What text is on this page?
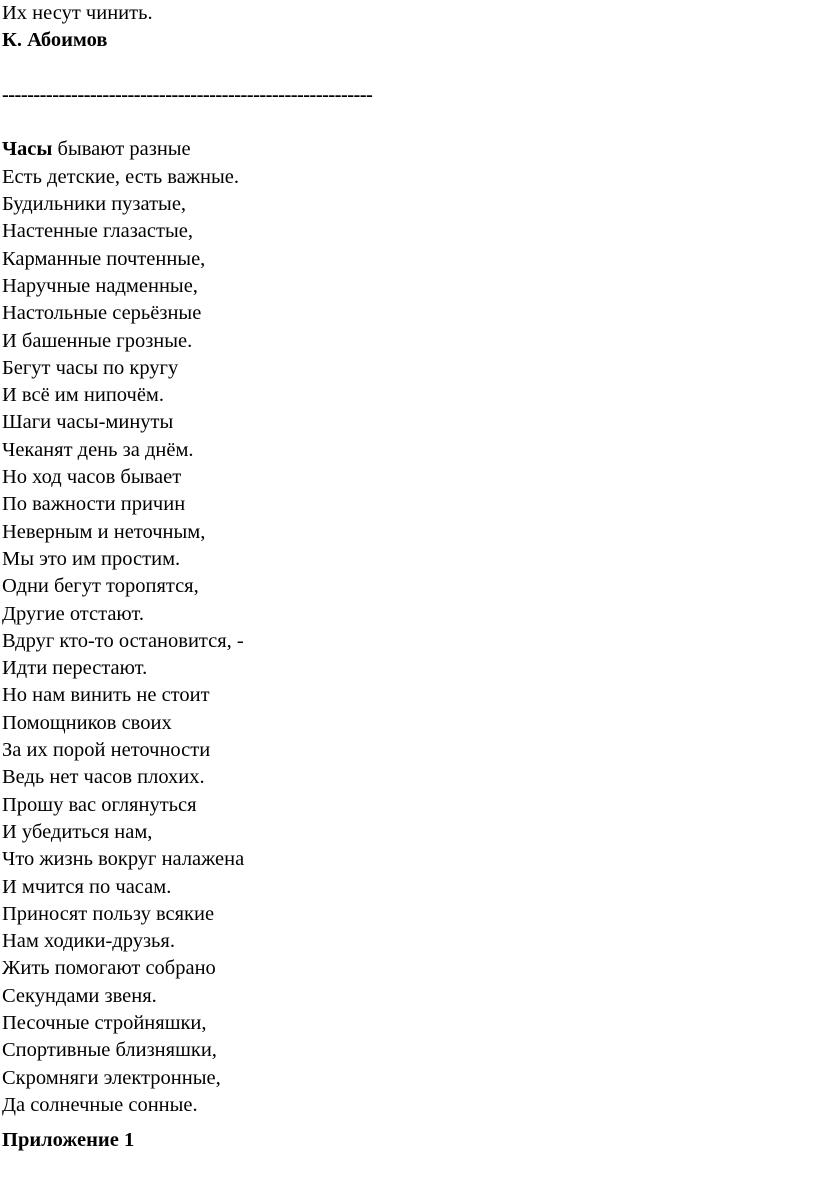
Их несут чинить.
К. Абоимов
-----------------------------------------------------------
Часы бывают разные
Есть детские, есть важные.
Будильники пузатые,
Настенные глазастые,
Карманные почтенные,
Наручные надменные,
Настольные серьёзные
И башенные грозные.
Бегут часы по кругу
И всё им нипочём.
Шаги часы-минуты
Чеканят день за днём.
Но ход часов бывает
По важности причин
Неверным и неточным,
Мы это им простим.
Одни бегут торопятся,
Другие отстают.
Вдруг кто-то остановится, -
Идти перестают.
Но нам винить не стоит
Помощников своих
За их порой неточности
Ведь нет часов плохих.
Прошу вас оглянуться
И убедиться нам,
Что жизнь вокруг налажена
И мчится по часам.
Приносят пользу всякие
Нам ходики-друзья.
Жить помогают собрано
Секундами звеня.
Песочные стройняшки,
Спортивные близняшки,
Скромняги электронные,
Да солнечные сонные.
Приложение 1
